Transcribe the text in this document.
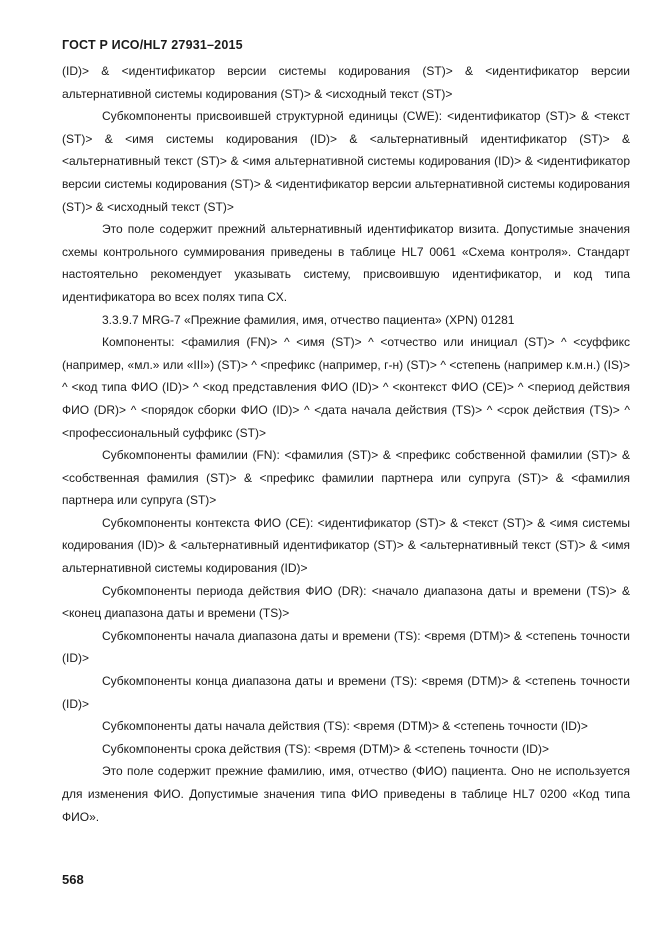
ГОСТ Р ИСО/HL7 27931–2015

(ID)> & <идентификатор версии системы кодирования (ST)> & <идентификатор версии альтернативной системы кодирования (ST)> & <исходный текст (ST)>

Субкомпоненты присвоившей структурной единицы (CWE): <идентификатор (ST)> & <текст (ST)> & <имя системы кодирования (ID)> & <альтернативный идентификатор (ST)> & <альтернативный текст (ST)> & <имя альтернативной системы кодирования (ID)> & <идентификатор версии системы кодирования (ST)> & <идентификатор версии альтернативной системы кодирования (ST)> & <исходный текст (ST)>

Это поле содержит прежний альтернативный идентификатор визита. Допустимые значения схемы контрольного суммирования приведены в таблице HL7 0061 «Схема контроля». Стандарт настоятельно рекомендует указывать систему, присвоившую идентификатор, и код типа идентификатора во всех полях типа CX.

3.3.9.7 MRG-7 «Прежние фамилия, имя, отчество пациента» (XPN) 01281

Компоненты: <фамилия (FN)> ^ <имя (ST)> ^ <отчество или инициал (ST)> ^ <суффикс (например, «мл.» или «III») (ST)> ^ <префикс (например, г-н) (ST)> ^ <степень (например к.м.н.) (IS)> ^ <код типа ФИО (ID)> ^ <код представления ФИО (ID)> ^ <контекст ФИО (CE)> ^ <период действия ФИО (DR)> ^ <порядок сборки ФИО (ID)> ^ <дата начала действия (TS)> ^ <срок действия (TS)> ^ <профессиональный суффикс (ST)>

Субкомпоненты фамилии (FN): <фамилия (ST)> & <префикс собственной фамилии (ST)> & <собственная фамилия (ST)> & <префикс фамилии партнера или супруга (ST)> & <фамилия партнера или супруга (ST)>

Субкомпоненты контекста ФИО (CE): <идентификатор (ST)> & <текст (ST)> & <имя системы кодирования (ID)> & <альтернативный идентификатор (ST)> & <альтернативный текст (ST)> & <имя альтернативной системы кодирования (ID)>

Субкомпоненты периода действия ФИО (DR): <начало диапазона даты и времени (TS)> & <конец диапазона даты и времени (TS)>

Субкомпоненты начала диапазона даты и времени (TS): <время (DTM)> & <степень точности (ID)>

Субкомпоненты конца диапазона даты и времени (TS): <время (DTM)> & <степень точности (ID)>

Субкомпоненты даты начала действия (TS): <время (DTM)> & <степень точности (ID)>

Субкомпоненты срока действия (TS): <время (DTM)> & <степень точности (ID)>

Это поле содержит прежние фамилию, имя, отчество (ФИО) пациента. Оно не используется для изменения ФИО. Допустимые значения типа ФИО приведены в таблице HL7 0200 «Код типа ФИО».

568
